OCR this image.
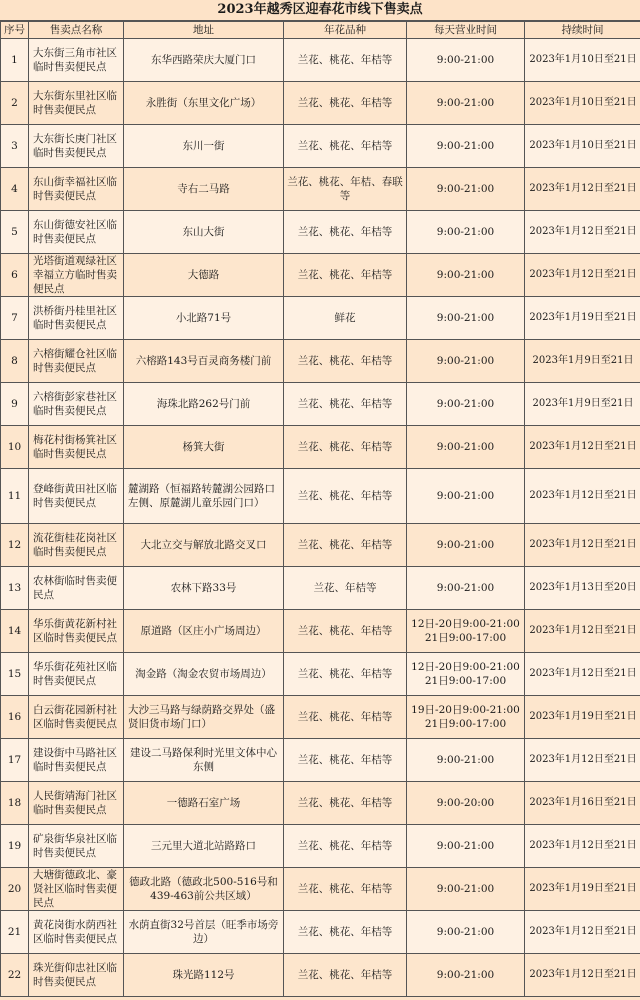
2023年越秀区迎春花市线下售卖点
序号	售卖点名称	地址	年花品种	每天营业时间	持续时间
1	大东街三角市社区临时售卖便民点	东华西路荣庆大厦门口	兰花、桃花、年桔等	9:00-21:00	2023年1月10日至21日
2	大东街东里社区临时售卖便民点	永胜街（东里文化广场）	兰花、桃花、年桔等	9:00-21:00	2023年1月10日至21日
3	大东街长庚门社区临时售卖便民点	东川一街	兰花、桃花、年桔等	9:00-21:00	2023年1月10日至21日
4	东山街幸福社区临时售卖便民点	寺右二马路	兰花、桃花、年桔、春联等	9:00-21:00	2023年1月12日至21日
5	东山街德安社区临时售卖便民点	东山大街	兰花、桃花、年桔等	9:00-21:00	2023年1月12日至21日
6	光塔街道观绿社区幸福立方临时售卖便民点	大德路	兰花、桃花、年桔等	9:00-21:00	2023年1月12日至21日
7	洪桥街丹桂里社区临时售卖便民点	小北路71号	鲜花	9:00-21:00	2023年1月19日至21日
8	六榕街耀仓社区临时售卖便民点	六榕路143号百灵商务楼门前	兰花、桃花、年桔等	9:00-21:00	2023年1月9日至21日
9	六榕街彭家巷社区临时售卖便民点	海珠北路262号门前	兰花、桃花、年桔等	9:00-21:00	2023年1月9日至21日
10	梅花村街杨箕社区临时售卖便民点	杨箕大街	兰花、桃花、年桔等	9:00-21:00	2023年1月12日至21日
11	登峰街黄田社区临时售卖便民点	麓湖路（恒福路转麓湖公园路口左侧、原麓湖儿童乐园门口）	兰花、桃花、年桔等	9:00-21:00	2023年1月12日至21日
12	流花街桂花岗社区临时售卖便民点	大北立交与解放北路交叉口	兰花、桃花、年桔等	9:00-21:00	2023年1月12日至21日
13	农林街临时售卖便民点	农林下路33号	兰花、年桔等	9:00-21:00	2023年1月13日至20日
14	华乐街黄花新村社区临时售卖便民点	原道路（区庄小广场周边）	兰花、桃花、年桔等	12日-20日9:00-21:00
21日9:00-17:00	2023年1月12日至21日
15	华乐街花苑社区临时售卖便民点	淘金路（淘金农贸市场周边）	兰花、桃花、年桔等	12日-20日9:00-21:00
21日9:00-17:00	2023年1月12日至21日
16	白云街花园新村社区临时售卖便民点	大沙三马路与绿荫路交界处（盛贤旧货市场门口）	兰花、桃花、年桔等	19日-20日9:00-21:00
21日9:00-17:00	2023年1月19日至21日
17	建设街中马路社区临时售卖便民点	建设二马路保利时光里文体中心东侧	兰花、桃花、年桔等	9:00-21:00	2023年1月12日至21日
18	人民街靖海门社区临时售卖便民点	一德路石室广场	兰花、桃花、年桔等	9:00-20:00	2023年1月16日至21日
19	矿泉街华泉社区临时售卖便民点	三元里大道北站路路口	兰花、桃花、年桔等	9:00-21:00	2023年1月12日至21日
20	大塘街德政北、豪贤社区临时售卖便民点	德政北路（德政北500-516号和439-463前公共区域）	兰花、桃花、年桔等	9:00-21:00	2023年1月19日至21日
21	黄花岗街水荫西社区临时售卖便民点	水荫直街32号首层（旺季市场旁边）	兰花、桃花、年桔等	9:00-21:00	2023年1月12日至21日
22	珠光街仰忠社区临时售卖便民点	珠光路112号	兰花、桃花、年桔等	9:00-21:00	2023年1月12日至21日
